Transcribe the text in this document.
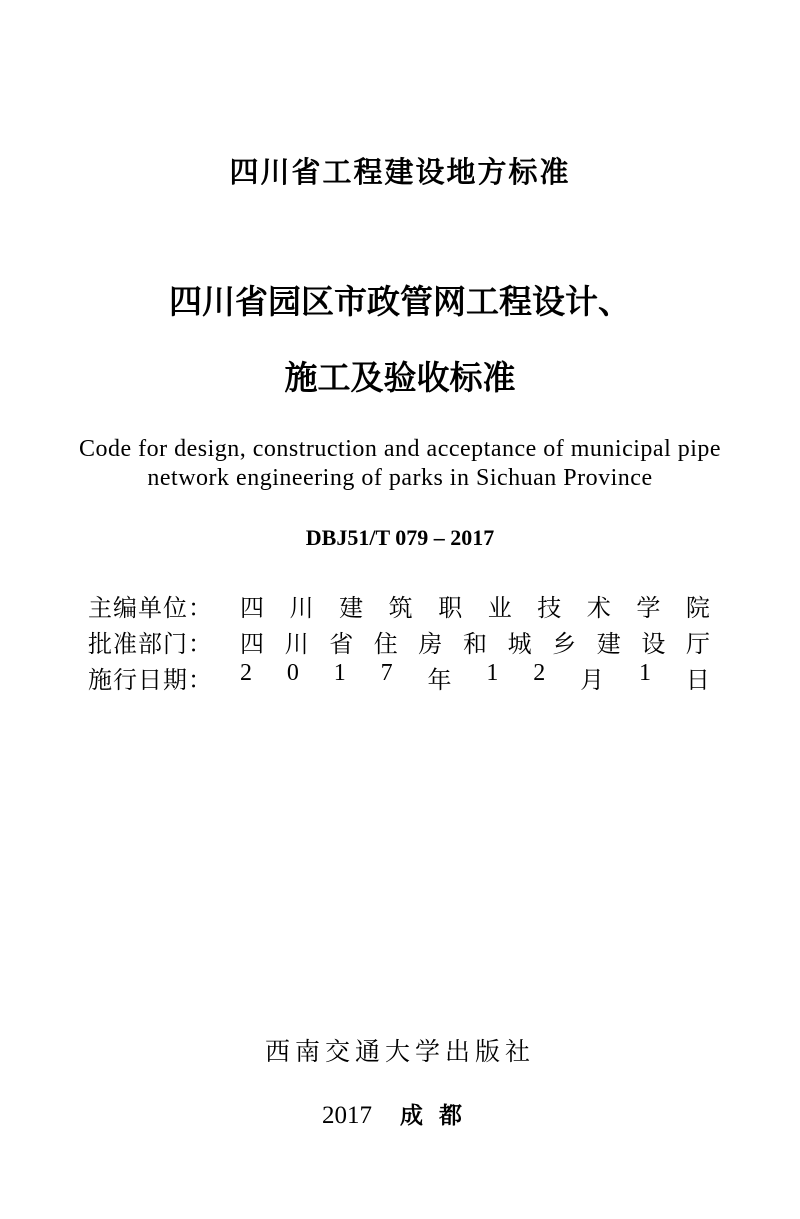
四川省工程建设地方标准
四川省园区市政管网工程设计、
施工及验收标准
Code for design, construction and acceptance of municipal pipe
network engineering of parks in Sichuan Province
DBJ51/T 079 – 2017
主编单位： 四 川 建 筑 职 业 技 术 学 院
批准部门： 四 川 省 住 房 和 城 乡 建 设 厅
施行日期： 2 0 1 7 年 1 2 月 1 日
西南交通大学出版社
2017 成都
